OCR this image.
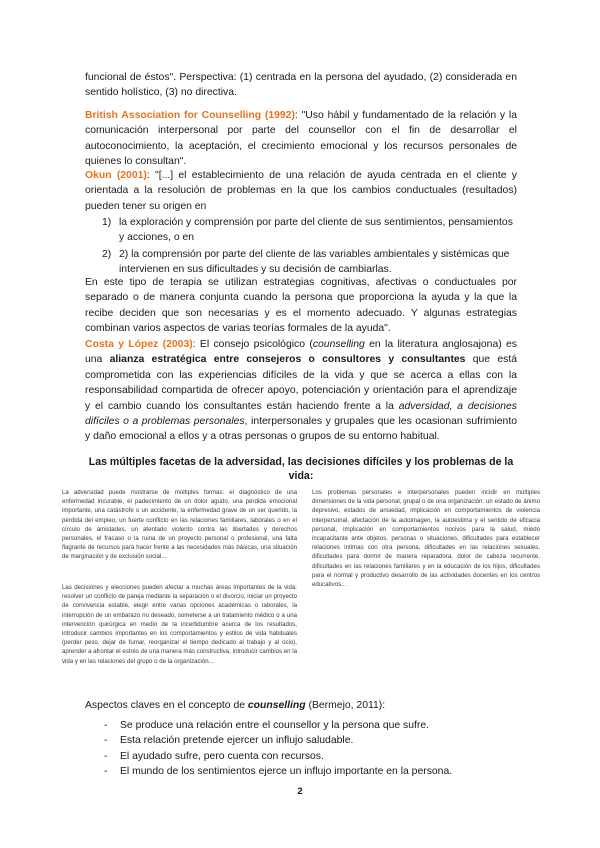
funcional de éstos". Perspectiva: (1) centrada en la persona del ayudado, (2) considerada en sentido holístico, (3) no directiva.

British Association for Counselling (1992): "Uso hábil y fundamentado de la relación y la comunicación interpersonal por parte del counsellor con el fin de desarrollar el autoconocimiento, la aceptación, el crecimiento emocional y los recursos personales de quienes lo consultan".

Okun (2001): "[...] el establecimiento de una relación de ayuda centrada en el cliente y orientada a la resolución de problemas en la que los cambios conductuales (resultados) pueden tener su origen en

1) la exploración y comprensión por parte del cliente de sus sentimientos, pensamientos y acciones, o en
2) 2) la comprensión por parte del cliente de las variables ambientales y sistémicas que intervienen en sus dificultades y su decisión de cambiarlas.

En este tipo de terapia se utilizan estrategias cognitivas, afectivas o conductuales por separado o de manera conjunta cuando la persona que proporciona la ayuda y la que la recibe deciden que son necesarias y es el momento adecuado. Y algunas estrategias combinan varios aspectos de varias teorías formales de la ayuda".

Costa y López (2003): El consejo psicológico (counselling en la literatura anglosajona) es una alianza estratégica entre consejeros o consultores y consultantes que está comprometida con las experiencias difíciles de la vida y que se acerca a ellas con la responsabilidad compartida de ofrecer apoyo, potenciación y orientación para el aprendizaje y el cambio cuando los consultantes están haciendo frente a la adversidad, a decisiones difíciles o a problemas personales, interpersonales y grupales que les ocasionan sufrimiento y daño emocional a ellos y a otras personas o grupos de su entorno habitual.

Las múltiples facetas de la adversidad, las decisiones difíciles y los problemas de la vida:

La adversidad puede mostrarse de múltiples formas: el diagnóstico de una enfermedad incurable, el padecimiento de un dolor agudo, una pérdida emocional importante, una catástrofe o un accidente, la enfermedad grave de un ser querido, la pérdida del empleo, un fuerte conflicto en las relaciones familiares, laborales o en el círculo de amistades, un atentado violento contra las libertades y derechos personales, el fracaso o la ruina de un proyecto personal o profesional, una falta flagrante de recursos para hacer frente a las necesidades más básicas, una situación de marginación y de exclusión social...

Las decisiones y elecciones pueden afectar a muchas áreas importantes de la vida: resolver un conflicto de pareja mediante la separación o el divorcio, iniciar un proyecto de convivencia estable, elegir entre varias opciones académicas o laborales, la interrupción de un embarazo no deseado, someterse a un tratamiento médico o a una intervención quirúrgica en medio de la incertidumbre acerca de los resultados, introducir cambios importantes en los comportamientos y estilos de vida habituales (perder peso, dejar de fumar, reorganizar el tiempo dedicado al trabajo y al ocio), aprender a afrontar el estrés de una manera más constructiva, introducir cambios en la vida y en las relaciones del grupo o de la organización...

Los problemas personales e interpersonales pueden incidir en múltiples dimensiones de la vida personal, grupal o de una organización: un estado de ánimo depresivo, estados de ansiedad, implicación en comportamientos de violencia interpersonal, afectación de la autoimagen, la autoestima y el sentido de eficacia personal, implicación en comportamientos nocivos para la salud, miedo incapacitante ante objetos, personas o situaciones, dificultades para establecer relaciones íntimas con otra persona, dificultades en las relaciones sexuales, dificultades para dormir de manera reparadora, dolor de cabeza recurrente, dificultades en las relaciones familiares y en la educación de los hijos, dificultades para el normal y productivo desarrollo de las actividades docentes en los centros educativos...

Aspectos claves en el concepto de counselling (Bermejo, 2011):

- Se produce una relación entre el counsellor y la persona que sufre.
- Esta relación pretende ejercer un influjo saludable.
- El ayudado sufre, pero cuenta con recursos.
- El mundo de los sentimientos ejerce un influjo importante en la persona.
2
